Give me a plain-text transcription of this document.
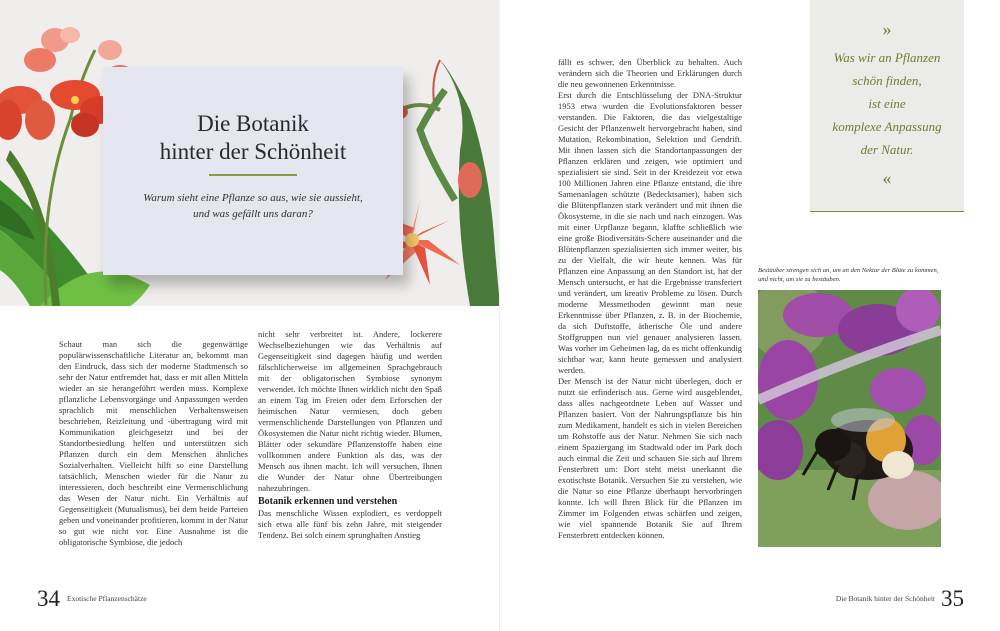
Die Botanik
hinter der Schönheit

Warum sieht eine Pflanze so aus, wie sie aussieht,
und was gefällt uns daran?

Schaut man sich die gegenwärtige populärwissenschaftliche Literatur an, bekommt man den Eindruck, dass sich der moderne Stadtmensch so sehr der Natur entfremdet hat, dass er mit allen Mitteln wieder an sie herangeführt werden muss. Komplexe pflanzliche Lebensvorgänge und Anpassungen werden sprachlich mit menschlichen Verhaltensweisen beschrieben, Reizleitung und -übertragung wird mit Kommunikation gleichgesetzt und bei der Standortbesiedlung helfen und unterstützen sich Pflanzen durch ein dem Menschen ähnliches Sozialverhalten. Vielleicht hilft so eine Darstellung tatsächlich, Menschen wieder für die Natur zu interessieren, doch beschreibt eine Vermenschlichung das Wesen der Natur nicht. Ein Verhältnis auf Gegenseitigkeit (Mutualismus), bei dem beide Parteien geben und voneinander profitieren, kommt in der Natur so gut wie nicht vor. Eine Ausnahme ist die obligatorische Symbiose, die jedoch

nicht sehr verbreitet ist. Andere, lockerere Wechselbeziehungen wie das Verhältnis auf Gegenseitigkeit sind dagegen häufig und werden fälschlicherweise im allgemeinen Sprachgebrauch mit der obligatorischen Symbiose synonym verwendet. Ich möchte Ihnen wirklich nicht den Spaß an einem Tag im Freien oder dem Erforschen der heimischen Natur vermiesen, doch geben vermenschlichende Darstellungen von Pflanzen und Ökosystemen die Natur nicht richtig wieder. Blumen, Blätter oder sekundäre Pflanzenstoffe haben eine vollkommen andere Funktion als das, was der Mensch aus ihnen macht. Ich will versuchen, Ihnen die Wunder der Natur ohne Übertreibungen nahezubringen.

Botanik erkennen und verstehen

Das menschliche Wissen explodiert, es verdoppelt sich etwa alle fünf bis zehn Jahre, mit steigender Tendenz. Bei solch einem sprunghaften Anstieg

34 Exotische Pflanzenschätze

fällt es schwer, den Überblick zu behalten. Auch verändern sich die Theorien und Erklärungen durch die neu gewonnenen Erkenntnisse.

Erst durch die Entschlüsselung der DNA-Struktur 1953 etwa wurden die Evolutionsfaktoren besser verstanden. Die Faktoren, die das vielgestaltige Gesicht der Pflanzenwelt hervorgebracht haben, sind Mutation, Rekombination, Selektion und Gendrift. Mit ihnen lassen sich die Standortanpassungen der Pflanzen erklären und zeigen, wie optimiert und spezialisiert sie sind. Seit in der Kreidezeit vor etwa 100 Millionen Jahren eine Pflanze entstand, die ihre Samenanlagen schützte (Bedecktsamer), haben sich die Blütenpflanzen stark verändert und mit ihnen die Ökosysteme, in die sie nach und nach einzogen. Was mit einer Urpflanze begann, klaffte schließlich wie eine große Biodiversitäts-Schere auseinander und die Blütenpflanzen spezialisierten sich immer weiter, bis zu der Vielfalt, die wir heute kennen. Was für Pflanzen eine Anpassung an den Standort ist, hat der Mensch untersucht, er hat die Ergebnisse transferiert und verändert, um kreativ Probleme zu lösen. Durch moderne Messmethoden gewinnt man neue Erkenntnisse über Pflanzen, z. B. in der Biochemie, da sich Duftstoffe, ätherische Öle und andere Stoffgruppen nun viel genauer analysieren lassen. Was vorher im Geheimen lag, da es nicht offenkundig sichtbar war, kann heute gemessen und analysiert werden.

Der Mensch ist der Natur nicht überlegen, doch er nutzt sie erfinderisch aus. Gerne wird ausgeblendet, dass alles nachgeordnete Leben auf Wasser und Pflanzen basiert. Von der Nahrungspflanze bis hin zum Medikament, handelt es sich in vielen Bereichen um Rohstoffe aus der Natur. Nehmen Sie sich nach einem Spaziergang im Stadtwald oder im Park doch auch einmal die Zeit und schauen Sie sich auf Ihrem Fensterbrett um: Dort steht meist unerkannt die exotischste Botanik. Versuchen Sie zu verstehen, wie die Natur so eine Pflanze überhaupt hervorbringen konnte. Ich will Ihren Blick für die Pflanzen im Zimmer im Folgenden etwas schärfen und zeigen, wie viel spannende Botanik Sie auf Ihrem Fensterbrett entdecken können.

»
Was wir an Pflanzen
schön finden,
ist eine
komplexe Anpassung
der Natur.
«
Bestäuber strengen sich an, um an den Nektar der Blüte zu kommen, und nicht, um sie zu bestäuben.
Die Botanik hinter der Schönheit 35
